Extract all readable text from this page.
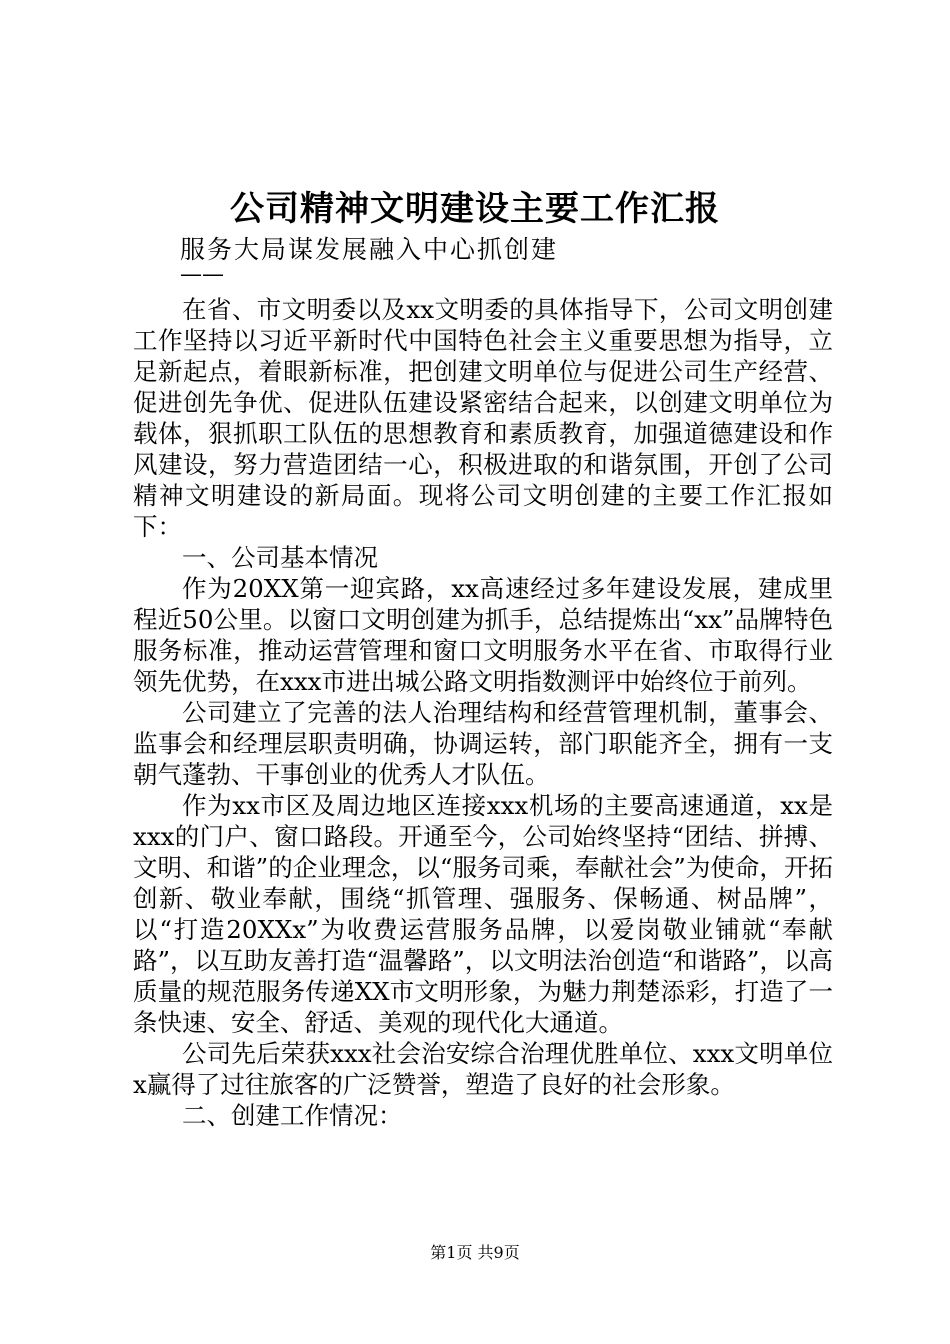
公司精神文明建设主要工作汇报
服务大局谋发展融入中心抓创建
——

在省、市文明委以及xx文明委的具体指导下，公司文明创建工作坚持以习近平新时代中国特色社会主义重要思想为指导，立足新起点，着眼新标准，把创建文明单位与促进公司生产经营、促进创先争优、促进队伍建设紧密结合起来，以创建文明单位为载体，狠抓职工队伍的思想教育和素质教育，加强道德建设和作风建设，努力营造团结一心，积极进取的和谐氛围，开创了公司精神文明建设的新局面。现将公司文明创建的主要工作汇报如下：

一、公司基本情况

作为20XX第一迎宾路，xx高速经过多年建设发展，建成里程近50公里。以窗口文明创建为抓手，总结提炼出“xx”品牌特色服务标准，推动运营管理和窗口文明服务水平在省、市取得行业领先优势，在xxx市进出城公路文明指数测评中始终位于前列。

公司建立了完善的法人治理结构和经营管理机制，董事会、监事会和经理层职责明确，协调运转，部门职能齐全，拥有一支朝气蓬勃、干事创业的优秀人才队伍。

作为xx市区及周边地区连接xxx机场的主要高速通道，xx是xxx的门户、窗口路段。开通至今，公司始终坚持“团结、拼搏、文明、和谐”的企业理念，以“服务司乘，奉献社会”为使命，开拓创新、敬业奉献，围绕“抓管理、强服务、保畅通、树品牌”，以“打造20XXx”为收费运营服务品牌，以爱岗敬业铺就“奉献路”，以互助友善打造“温馨路”，以文明法治创造“和谐路”，以高质量的规范服务传递XX市文明形象，为魅力荆楚添彩，打造了一条快速、安全、舒适、美观的现代化大通道。

公司先后荣获xxx社会治安综合治理优胜单位、xxx文明单位x赢得了过往旅客的广泛赞誉，塑造了良好的社会形象。

二、创建工作情况：

第1页 共9页
